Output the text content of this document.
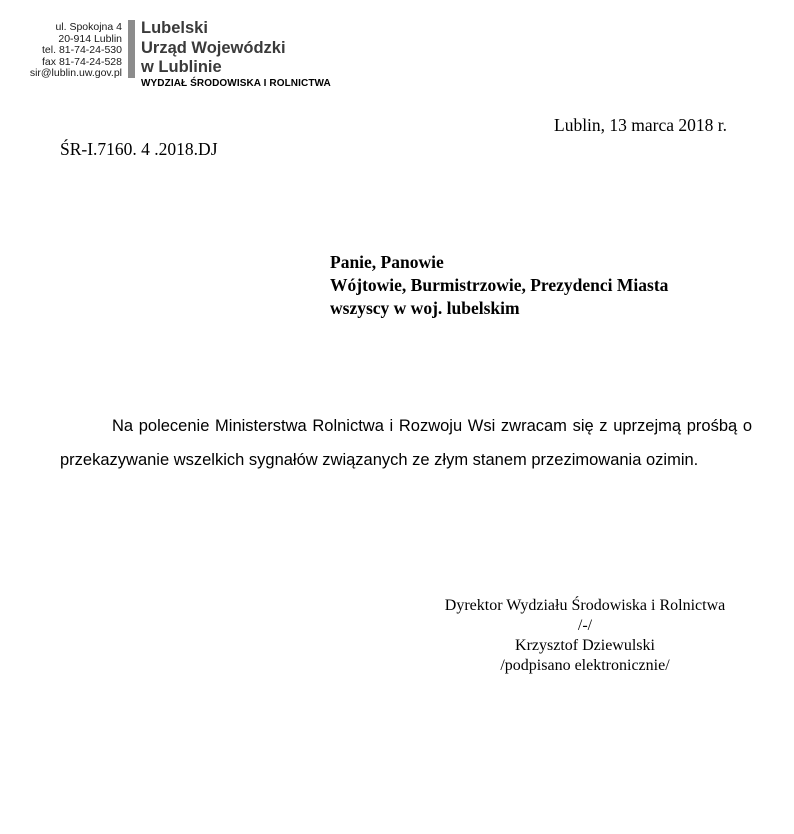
ul. Spokojna 4
20-914 Lublin
tel. 81-74-24-530
fax 81-74-24-528
sir@lublin.uw.gov.pl
Lubelski
Urząd Wojewódzki
w Lublinie
WYDZIAŁ ŚRODOWISKA I ROLNICTWA
Lublin, 13 marca 2018 r.
ŚR-I.7160. 4 .2018.DJ
Panie, Panowie
Wójtowie, Burmistrzowie, Prezydenci Miasta
wszyscy w woj. lubelskim

Na polecenie Ministerstwa Rolnictwa i Rozwoju Wsi zwracam się z uprzejmą prośbą o przekazywanie wszelkich sygnałów związanych ze złym stanem przezimowania ozimin.

Dyrektor Wydziału Środowiska i Rolnictwa
/-/
Krzysztof Dziewulski
/podpisano elektronicznie/
